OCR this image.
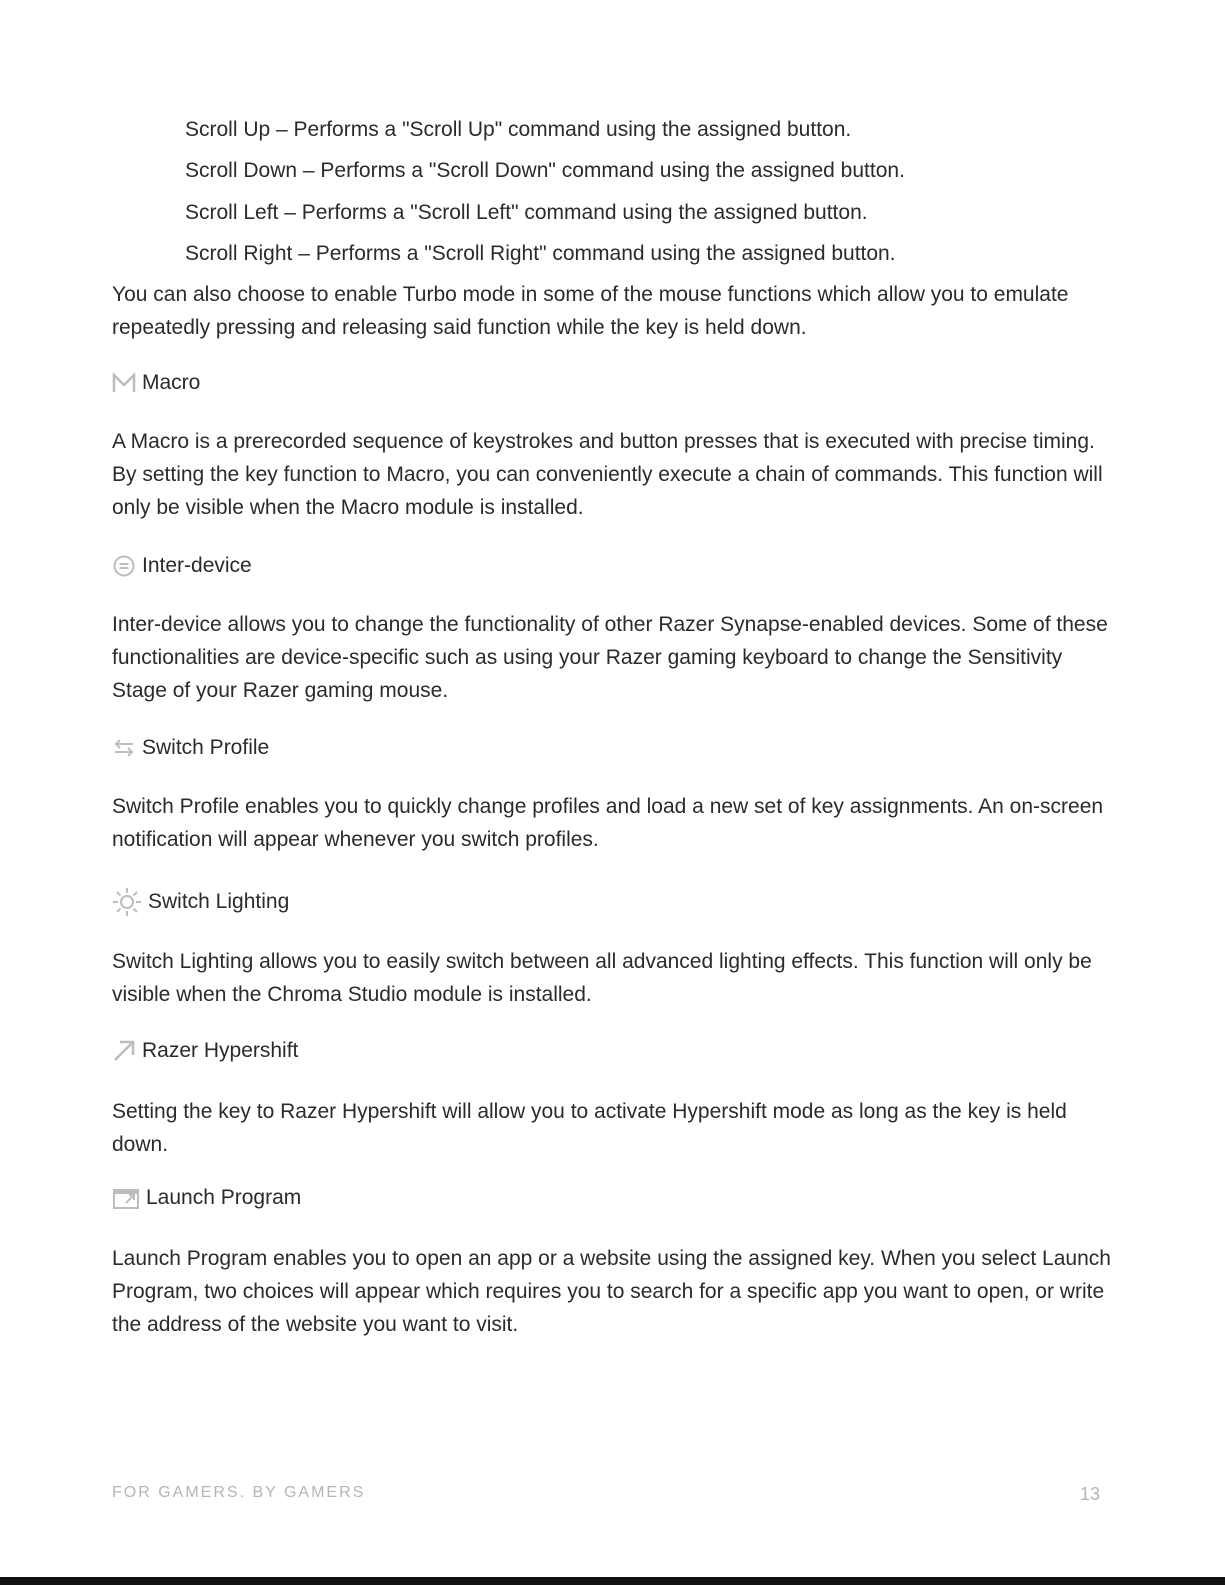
Scroll Up – Performs a "Scroll Up" command using the assigned button.
Scroll Down – Performs a "Scroll Down" command using the assigned button.
Scroll Left – Performs a "Scroll Left" command using the assigned button.
Scroll Right – Performs a "Scroll Right" command using the assigned button.
You can also choose to enable Turbo mode in some of the mouse functions which allow you to emulate repeatedly pressing and releasing said function while the key is held down.
Macro
A Macro is a prerecorded sequence of keystrokes and button presses that is executed with precise timing. By setting the key function to Macro, you can conveniently execute a chain of commands. This function will only be visible when the Macro module is installed.
Inter-device
Inter-device allows you to change the functionality of other Razer Synapse-enabled devices. Some of these functionalities are device-specific such as using your Razer gaming keyboard to change the Sensitivity Stage of your Razer gaming mouse.
Switch Profile
Switch Profile enables you to quickly change profiles and load a new set of key assignments. An on-screen notification will appear whenever you switch profiles.
Switch Lighting
Switch Lighting allows you to easily switch between all advanced lighting effects. This function will only be visible when the Chroma Studio module is installed.
Razer Hypershift
Setting the key to Razer Hypershift will allow you to activate Hypershift mode as long as the key is held down.
Launch Program
Launch Program enables you to open an app or a website using the assigned key. When you select Launch Program, two choices will appear which requires you to search for a specific app you want to open, or write the address of the website you want to visit.
FOR GAMERS. BY GAMERS	13
